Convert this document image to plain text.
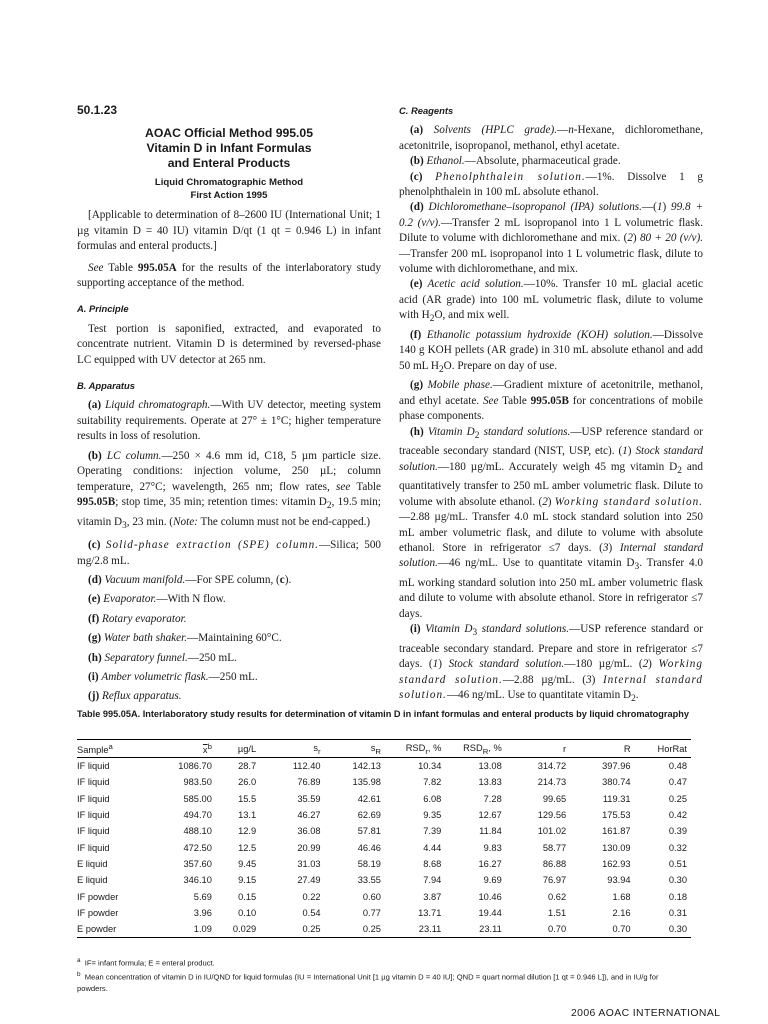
50.1.23
AOAC Official Method 995.05
Vitamin D in Infant Formulas
and Enteral Products
Liquid Chromatographic Method
First Action 1995

[Applicable to determination of 8–2600 IU (International Unit; 1 µg vitamin D = 40 IU) vitamin D/qt (1 qt = 0.946 L) in infant formulas and enteral products.]

See Table 995.05A for the results of the interlaboratory study supporting acceptance of the method.

A. Principle

Test portion is saponified, extracted, and evaporated to concentrate nutrient. Vitamin D is determined by reversed-phase LC equipped with UV detector at 265 nm.

B. Apparatus

(a) Liquid chromatograph.—With UV detector, meeting system suitability requirements. Operate at 27° ± 1°C; higher temperature results in loss of resolution.

(b) LC column.—250 × 4.6 mm id, C18, 5 µm particle size. Operating conditions: injection volume, 250 µL; column temperature, 27°C; wavelength, 265 nm; flow rates, see Table 995.05B; stop time, 35 min; retention times: vitamin $D_2$, 19.5 min; vitamin $D_3$, 23 min. (Note: The column must not be end-capped.)

(c) Solid-phase extraction (SPE) column.—Silica; 500 mg/2.8 mL.

(d) Vacuum manifold.—For SPE column, (c).

(e) Evaporator.—With N flow.

(f) Rotary evaporator.

(g) Water bath shaker.—Maintaining 60°C.

(h) Separatory funnel.—250 mL.

(i) Amber volumetric flask.—250 mL.

(j) Reflux apparatus.

C. Reagents

(a) Solvents (HPLC grade).—n-Hexane, dichloromethane, acetonitrile, isopropanol, methanol, ethyl acetate.

(b) Ethanol.—Absolute, pharmaceutical grade.

(c) Phenolphthalein solution.—1%. Dissolve 1 g phenolphthalein in 100 mL absolute ethanol.

(d) Dichloromethane–isopropanol (IPA) solutions.—(1) 99.8 + 0.2 (v/v).—Transfer 2 mL isopropanol into 1 L volumetric flask. Dilute to volume with dichloromethane and mix. (2) 80 + 20 (v/v).—Transfer 200 mL isopropanol into 1 L volumetric flask, dilute to volume with dichloromethane, and mix.

(e) Acetic acid solution.—10%. Transfer 10 mL glacial acetic acid (AR grade) into 100 mL volumetric flask, dilute to volume with $H_2O$, and mix well.

(f) Ethanolic potassium hydroxide (KOH) solution.—Dissolve 140 g KOH pellets (AR grade) in 310 mL absolute ethanol and add 50 mL $H_2O$. Prepare on day of use.

(g) Mobile phase.—Gradient mixture of acetonitrile, methanol, and ethyl acetate. See Table 995.05B for concentrations of mobile phase components.

(h) Vitamin $D_2$ standard solutions.—USP reference standard or traceable secondary standard (NIST, USP, etc). (1) Stock standard solution.—180 µg/mL. Accurately weigh 45 mg vitamin $D_2$ and quantitatively transfer to 250 mL amber volumetric flask. Dilute to volume with absolute ethanol. (2) Working standard solution.—2.88 µg/mL. Transfer 4.0 mL stock standard solution into 250 mL amber volumetric flask, and dilute to volume with absolute ethanol. Store in refrigerator ≤7 days. (3) Internal standard solution.—46 ng/mL. Use to quantitate vitamin $D_3$. Transfer 4.0 mL working standard solution into 250 mL amber volumetric flask and dilute to volume with absolute ethanol. Store in refrigerator ≤7 days.

(i) Vitamin $D_3$ standard solutions.—USP reference standard or traceable secondary standard. Prepare and store in refrigerator ≤7 days. (1) Stock standard solution.—180 µg/mL. (2) Working standard solution.—2.88 µg/mL. (3) Internal standard solution.—46 ng/mL. Use to quantitate vitamin $D_2$.

Table 995.05A. Interlaboratory study results for determination of vitamin D in infant formulas and enteral products by liquid chromatography
Sample$^a$	$\overline{x}^b$	µg/L	$s_r$	$s_R$	$RSD_r$, %	$RSD_R$, %	r	R	HorRat
IF liquid	1086.70	28.7	112.40	142.13	10.34	13.08	314.72	397.96	0.48
IF liquid	983.50	26.0	76.89	135.98	7.82	13.83	214.73	380.74	0.47
IF liquid	585.00	15.5	35.59	42.61	6.08	7.28	99.65	119.31	0.25
IF liquid	494.70	13.1	46.27	62.69	9.35	12.67	129.56	175.53	0.42
IF liquid	488.10	12.9	36.08	57.81	7.39	11.84	101.02	161.87	0.39
IF liquid	472.50	12.5	20.99	46.46	4.44	9.83	58.77	130.09	0.32
E liquid	357.60	9.45	31.03	58.19	8.68	16.27	86.88	162.93	0.51
E liquid	346.10	9.15	27.49	33.55	7.94	9.69	76.97	93.94	0.30
IF powder	5.69	0.15	0.22	0.60	3.87	10.46	0.62	1.68	0.18
IF powder	3.96	0.10	0.54	0.77	13.71	19.44	1.51	2.16	0.31
E powder	1.09	0.029	0.25	0.25	23.11	23.11	0.70	0.70	0.30
$^a$ IF= infant formula; E = enteral product.
$^b$ Mean concentration of vitamin D in IU/QND for liquid formulas (IU = International Unit [1 µg vitamin D = 40 IU]; QND = quart normal dilution [1 qt = 0.946 L]), and in IU/g for powders.
2006 AOAC INTERNATIONAL
